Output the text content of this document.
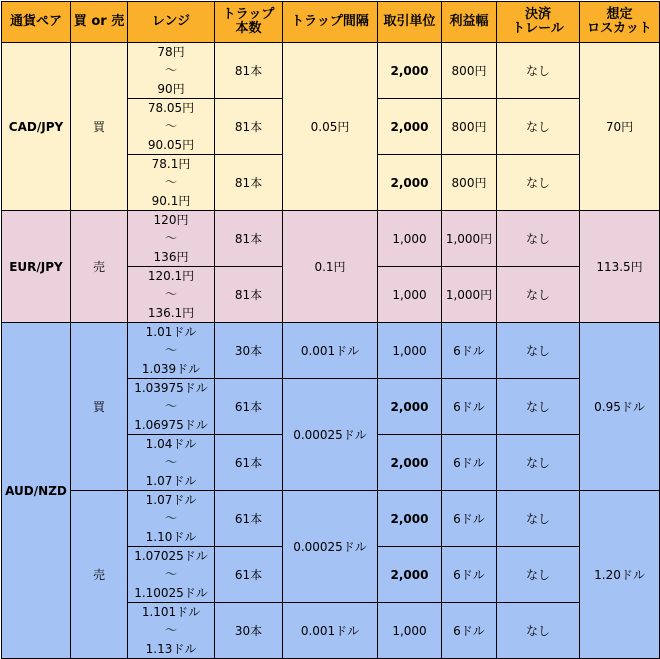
通貨ペア	買 or 売	レンジ	トラップ
本数	トラップ間隔	取引単位	利益幅	決済
トレール	想定
ロスカット

CAD/JPY	買	78円
～
90円	81本	0.05円	2,000	800円	なし	70円

		78.05円
～
90.05円	81本		2,000	800円	なし	

		78.1円
～
90.1円	81本		2,000	800円	なし	
EUR/JPY	売	120円
～
136円	81本	0.1円	1,000	1,000円	なし	113.5円

		120.1円
～
136.1円	81本		1,000	1,000円	なし	
AUD/NZD	買	1.01ドル
～
1.039ドル	30本	0.001ドル	1,000	6ドル	なし	0.95ドル

		1.03975ドル
～
1.06975ドル	61本	0.00025ドル	2,000	6ドル	なし	

		1.04ドル
～
1.07ドル	61本		2,000	6ドル	なし	
	売	1.07ドル
～
1.10ドル	61本	0.00025ドル	2,000	6ドル	なし	1.20ドル

		1.07025ドル
～
1.10025ドル	61本		2,000	6ドル	なし	

		1.101ドル
～
1.13ドル	30本	0.001ドル	1,000	6ドル	なし	
